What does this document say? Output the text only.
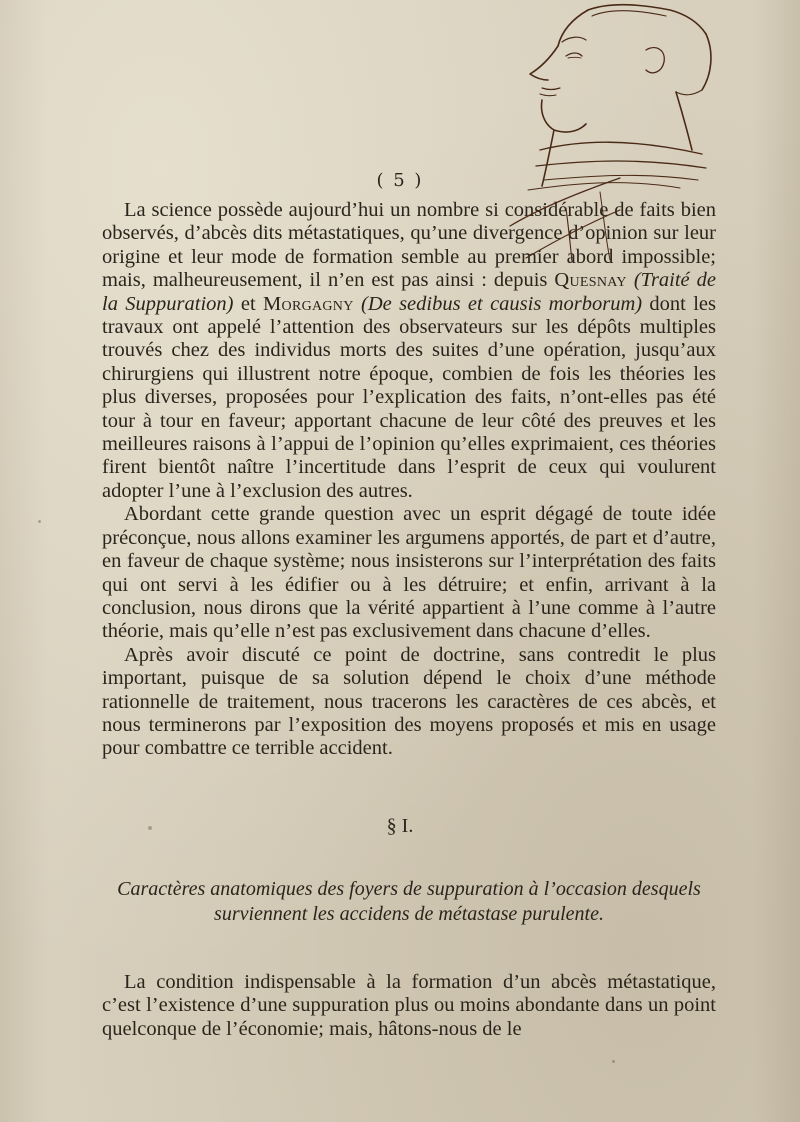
( 5 )

La science possède aujourd’hui un nombre si considérable de faits bien observés, d’abcès dits métastatiques, qu’une divergence d’opinion sur leur origine et leur mode de formation semble au premier abord impossible; mais, malheureusement, il n’en est pas ainsi : depuis Quesnay (Traité de la Suppuration) et Morgagny (De sedibus et causis morborum) dont les travaux ont appelé l’attention des observateurs sur les dépôts multiples trouvés chez des individus morts des suites d’une opération, jusqu’aux chirurgiens qui illustrent notre époque, combien de fois les théories les plus diverses, proposées pour l’explication des faits, n’ont-elles pas été tour à tour en faveur; apportant chacune de leur côté des preuves et les meilleures raisons à l’appui de l’opinion qu’elles exprimaient, ces théories firent bientôt naître l’incertitude dans l’esprit de ceux qui voulurent adopter l’une à l’exclusion des autres.

Abordant cette grande question avec un esprit dégagé de toute idée préconçue, nous allons examiner les argumens apportés, de part et d’autre, en faveur de chaque système; nous insisterons sur l’interprétation des faits qui ont servi à les édifier ou à les détruire; et enfin, arrivant à la conclusion, nous dirons que la vérité appartient à l’une comme à l’autre théorie, mais qu’elle n’est pas exclusivement dans chacune d’elles.

Après avoir discuté ce point de doctrine, sans contredit le plus important, puisque de sa solution dépend le choix d’une méthode rationnelle de traitement, nous tracerons les caractères de ces abcès, et nous terminerons par l’exposition des moyens proposés et mis en usage pour combattre ce terrible accident.

§ I.
Caractères anatomiques des foyers de suppuration à l’occasion desquels surviennent les accidens de métastase purulente.

La condition indispensable à la formation d’un abcès métastatique, c’est l’existence d’une suppuration plus ou moins abondante dans un point quelconque de l’économie; mais, hâtons-nous de le
